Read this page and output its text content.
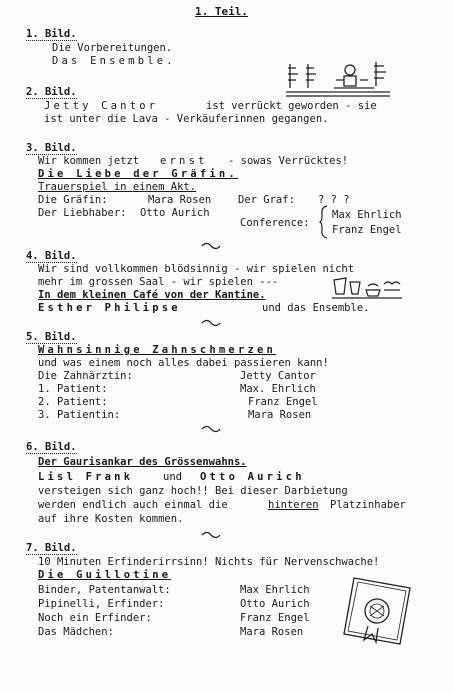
1. Teil.
1. Bild.
Die Vorbereitungen.
Das Ensemble.
2. Bild.
Jetty Cantor	ist verrückt geworden - sie
ist unter die Lava - Verkäuferinnen gegangen.
3. Bild.
Wir kommen jetzt ernst - sowas Verrücktes!
Die Liebe der Gräfin.
Trauerspiel in einem Akt.
Die Gräfin:	Mara Rosen	Der Graf: ? ? ?
Der Liebhaber: Otto Aurich
Conference:
Max Ehrlich
Franz Engel
4. Bild.
Wir sind vollkommen blödsinnig - wir spielen nicht
mehr im grossen Saal - wir spielen ---
In dem kleinen Café von der Kantine.
Esther Philipse	und das Ensemble.
5. Bild.
Wahnsinnige Zahnschmerzen
und was einem noch alles dabei passieren kann!
Die Zahnärztin:	Jetty Cantor
1. Patient:	Max. Ehrlich
2. Patient:	Franz Engel
3. Patientin:	Mara Rosen
6. Bild.
Der Gaurisankar des Grössenwahns.
Lisl Frank	und Otto Aurich
versteigen sich ganz hoch!! Bei dieser Darbietung
werden endlich auch einmal die	hinteren Platzinhaber
auf ihre Kosten kommen.
7. Bild.
10 Minuten Erfinderirrsinn! Nichts für Nervenschwache!
Die Guillotine
Binder, Patentanwalt:	Max Ehrlich
Pipinelli, Erfinder:	Otto Aurich
Noch ein Erfinder:	Franz Engel
Das Mädchen:	Mara Rosen
